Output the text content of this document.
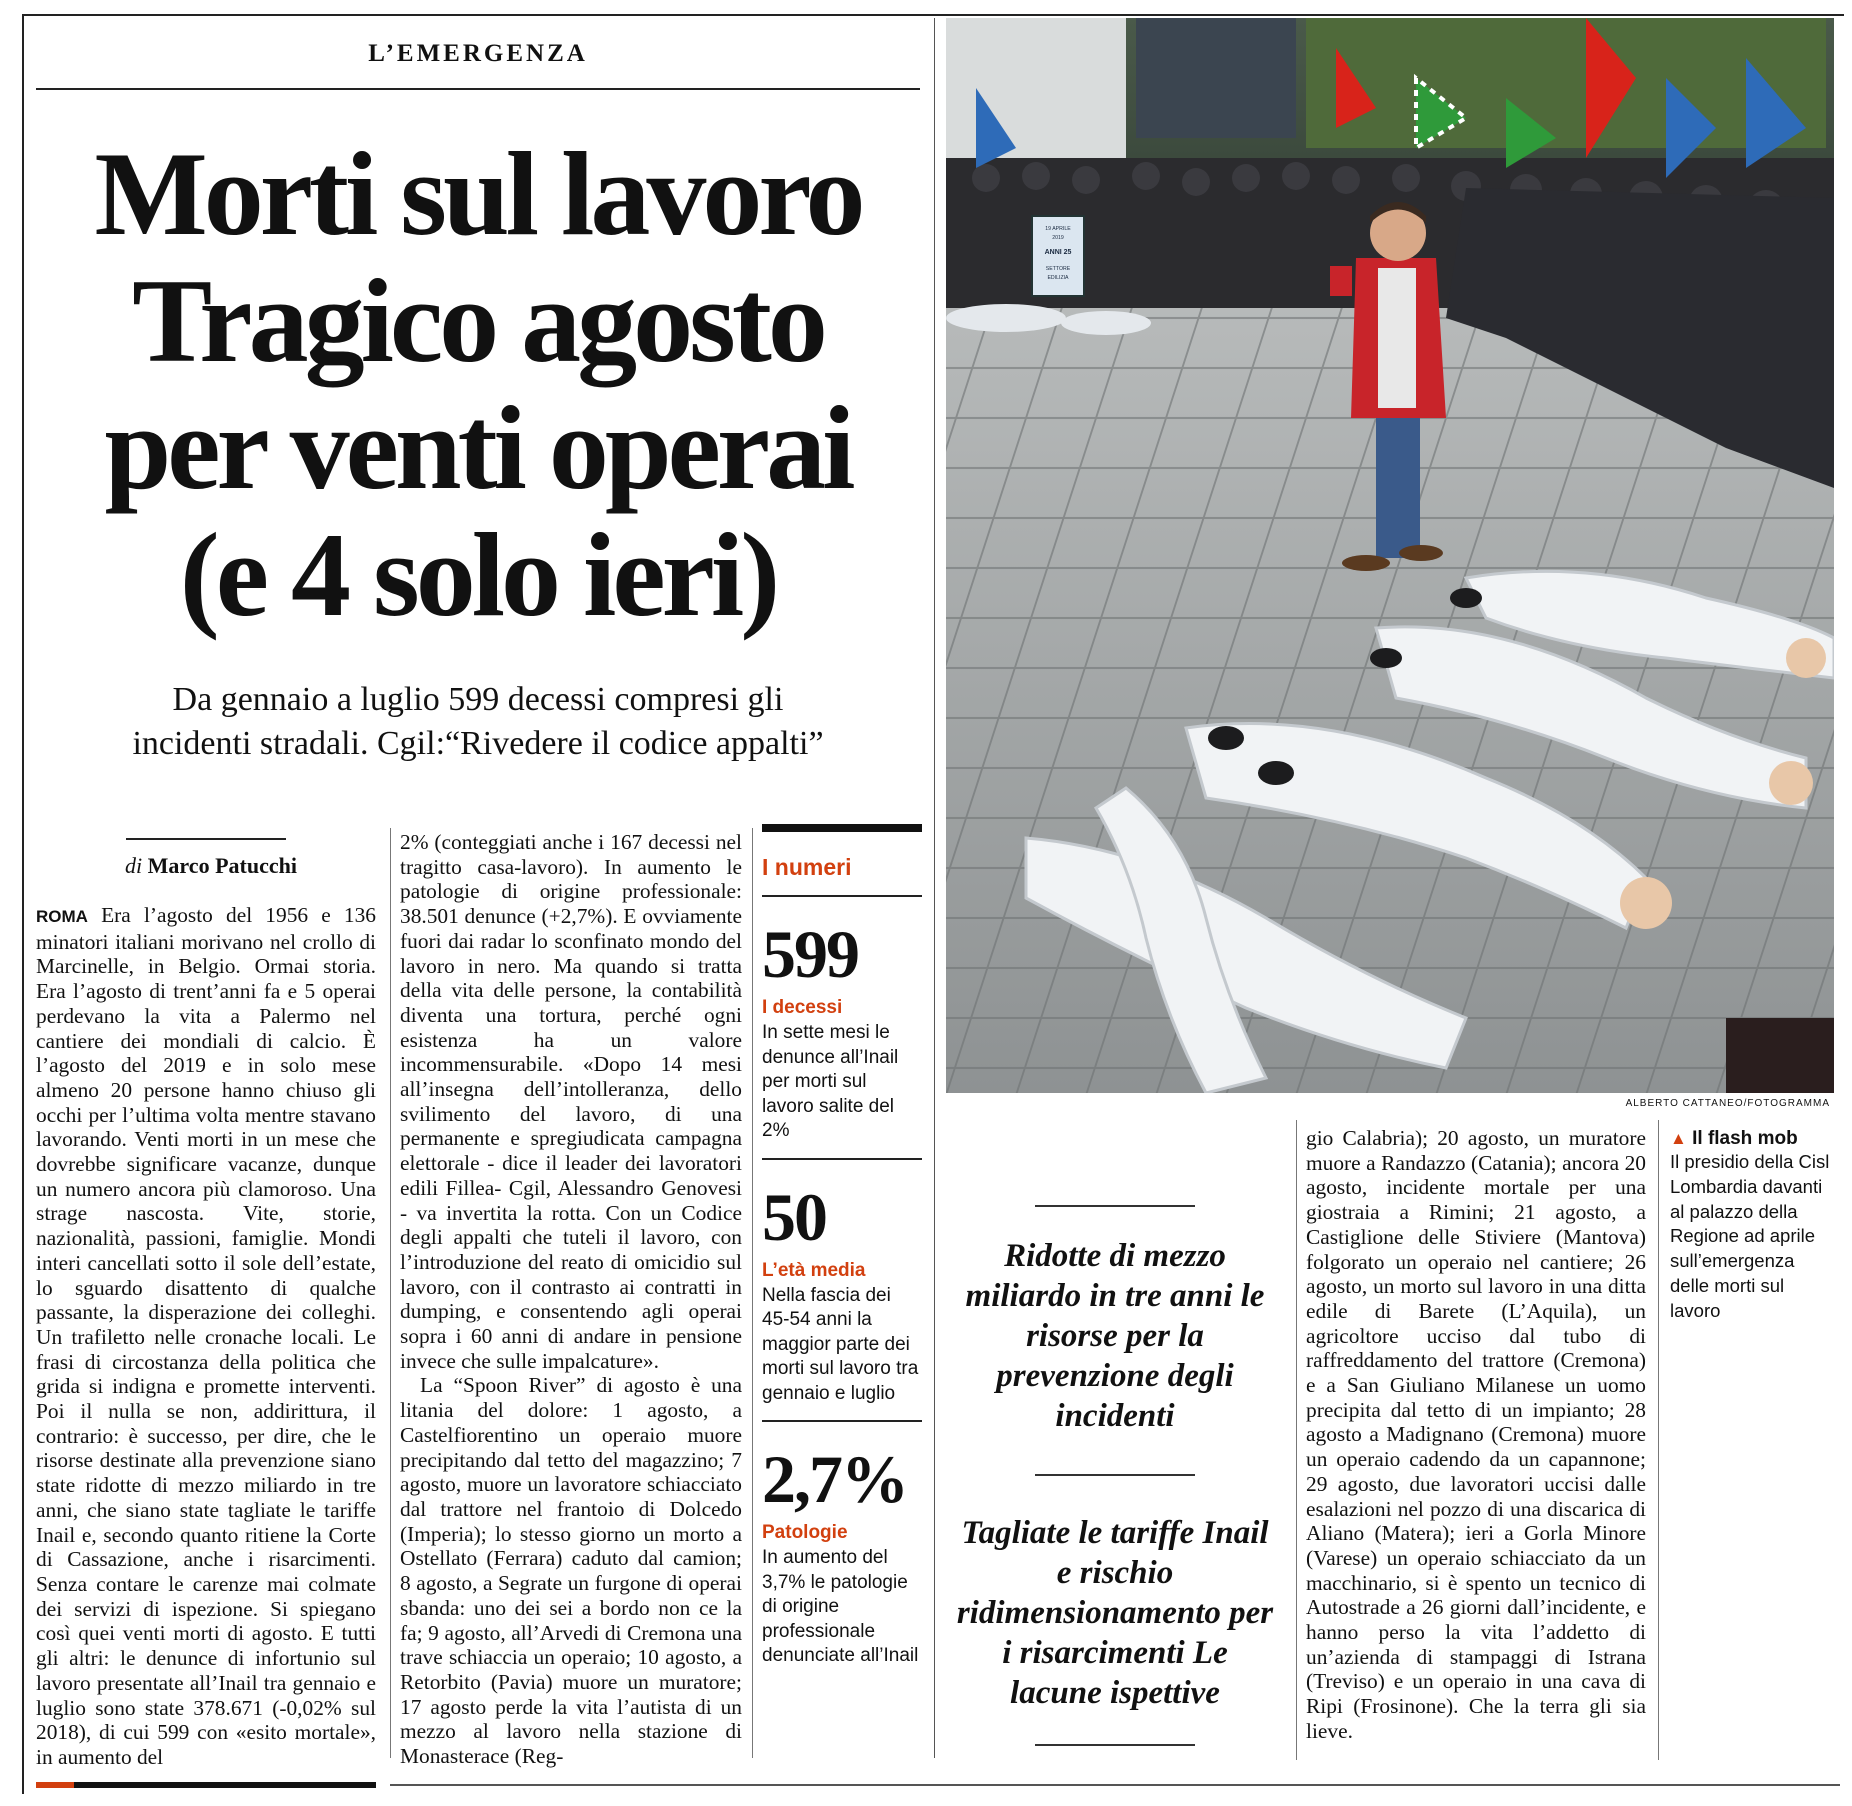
L’EMERGENZA
Morti sul lavoro
Tragico agosto
per venti operai
(e 4 solo ieri)
Da gennaio a luglio 599 decessi compresi gli
incidenti stradali. Cgil:“Rivedere il codice appalti”
di Marco Patucchi

ROMA Era l’agosto del 1956 e 136 minatori italiani morivano nel crollo di Marcinelle, in Belgio. Ormai storia. Era l’agosto di trent’anni fa e 5 operai perdevano la vita a Palermo nel cantiere dei mondiali di calcio. È l’agosto del 2019 e in solo mese almeno 20 persone hanno chiuso gli occhi per l’ultima volta mentre stavano lavorando. Venti morti in un mese che dovrebbe significare vacanze, dunque un numero ancora più clamoroso. Una strage nascosta. Vite, storie, nazionalità, passioni, famiglie. Mondi interi cancellati sotto il sole dell’estate, lo sguardo disattento di qualche passante, la disperazione dei colleghi. Un trafiletto nelle cronache locali. Le frasi di circostanza della politica che grida si indigna e promette interventi. Poi il nulla se non, addirittura, il contrario: è successo, per dire, che le risorse destinate alla prevenzione siano state ridotte di mezzo miliardo in tre anni, che siano state tagliate le tariffe Inail e, secondo quanto ritiene la Corte di Cassazione, anche i risarcimenti. Senza contare le carenze mai colmate dei servizi di ispezione. Si spiegano così quei venti morti di agosto. E tutti gli altri: le denunce di infortunio sul lavoro presentate all’Inail tra gennaio e luglio sono state 378.671 (-0,02% sul 2018), di cui 599 con «esito mortale», in aumento del

2% (conteggiati anche i 167 decessi nel tragitto casa-lavoro). In aumento le patologie di origine professionale: 38.501 denunce (+2,7%). E ovviamente fuori dai radar lo sconfinato mondo del lavoro in nero. Ma quando si tratta della vita delle persone, la contabilità diventa una tortura, perché ogni esistenza ha un valore incommensurabile. «Dopo 14 mesi all’insegna dell’intolleranza, dello svilimento del lavoro, di una permanente e spregiudicata campagna elettorale - dice il leader dei lavoratori edili Fillea- Cgil, Alessandro Genovesi - va invertita la rotta. Con un Codice degli appalti che tuteli il lavoro, con l’introduzione del reato di omicidio sul lavoro, con il contrasto ai contratti in dumping, e consentendo agli operai sopra i 60 anni di andare in pensione invece che sulle impalcature».

La “Spoon River” di agosto è una litania del dolore: 1 agosto, a Castelfiorentino un operaio muore precipitando dal tetto del magazzino; 7 agosto, muore un lavoratore schiacciato dal trattore nel frantoio di Dolcedo (Imperia); lo stesso giorno un morto a Ostellato (Ferrara) caduto dal camion; 8 agosto, a Segrate un furgone di operai sbanda: uno dei sei a bordo non ce la fa; 9 agosto, all’Arvedi di Cremona una trave schiaccia un operaio; 10 agosto, a Retorbito (Pavia) muore un muratore; 17 agosto perde la vita l’autista di un mezzo al lavoro nella stazione di Monasterace (Reg-

I numeri
599
I decessi
In sette mesi le denunce all’Inail per morti sul lavoro salite del 2%
50
L’età media
Nella fascia dei 45-54 anni la maggior parte dei morti sul lavoro tra gennaio e luglio
2,7%
Patologie
In aumento del 3,7% le patologie di origine professionale denunciate all’Inail
19 APRILE
2019
ANNI 25
SETTORE
EDILIZIA
ALBERTO CATTANEO/FOTOGRAMMA
Ridotte di mezzo miliardo in tre anni le risorse per la prevenzione degli incidenti
Tagliate le tariffe Inail e rischio ridimensionamento per i risarcimenti Le lacune ispettive

gio Calabria); 20 agosto, un muratore muore a Randazzo (Catania); ancora 20 agosto, incidente mortale per una giostraia a Rimini; 21 agosto, a Castiglione delle Stiviere (Mantova) folgorato un operaio nel cantiere; 26 agosto, un morto sul lavoro in una ditta edile di Barete (L’Aquila), un agricoltore ucciso dal tubo di raffreddamento del trattore (Cremona) e a San Giuliano Milanese un uomo precipita dal tetto di un impianto; 28 agosto a Madignano (Cremona) muore un operaio cadendo da un capannone; 29 agosto, due lavoratori uccisi dalle esalazioni nel pozzo di una discarica di Aliano (Matera); ieri a Gorla Minore (Varese) un operaio schiacciato da un macchinario, si è spento un tecnico di Autostrade a 26 giorni dall’incidente, e hanno perso la vita l’addetto di un’azienda di stampaggi di Istrana (Treviso) e un operaio in una cava di Ripi (Frosinone). Che la terra gli sia lieve.

▲ Il flash mob
Il presidio della Cisl Lombardia davanti al palazzo della Regione ad aprile sull’emergenza delle morti sul lavoro
